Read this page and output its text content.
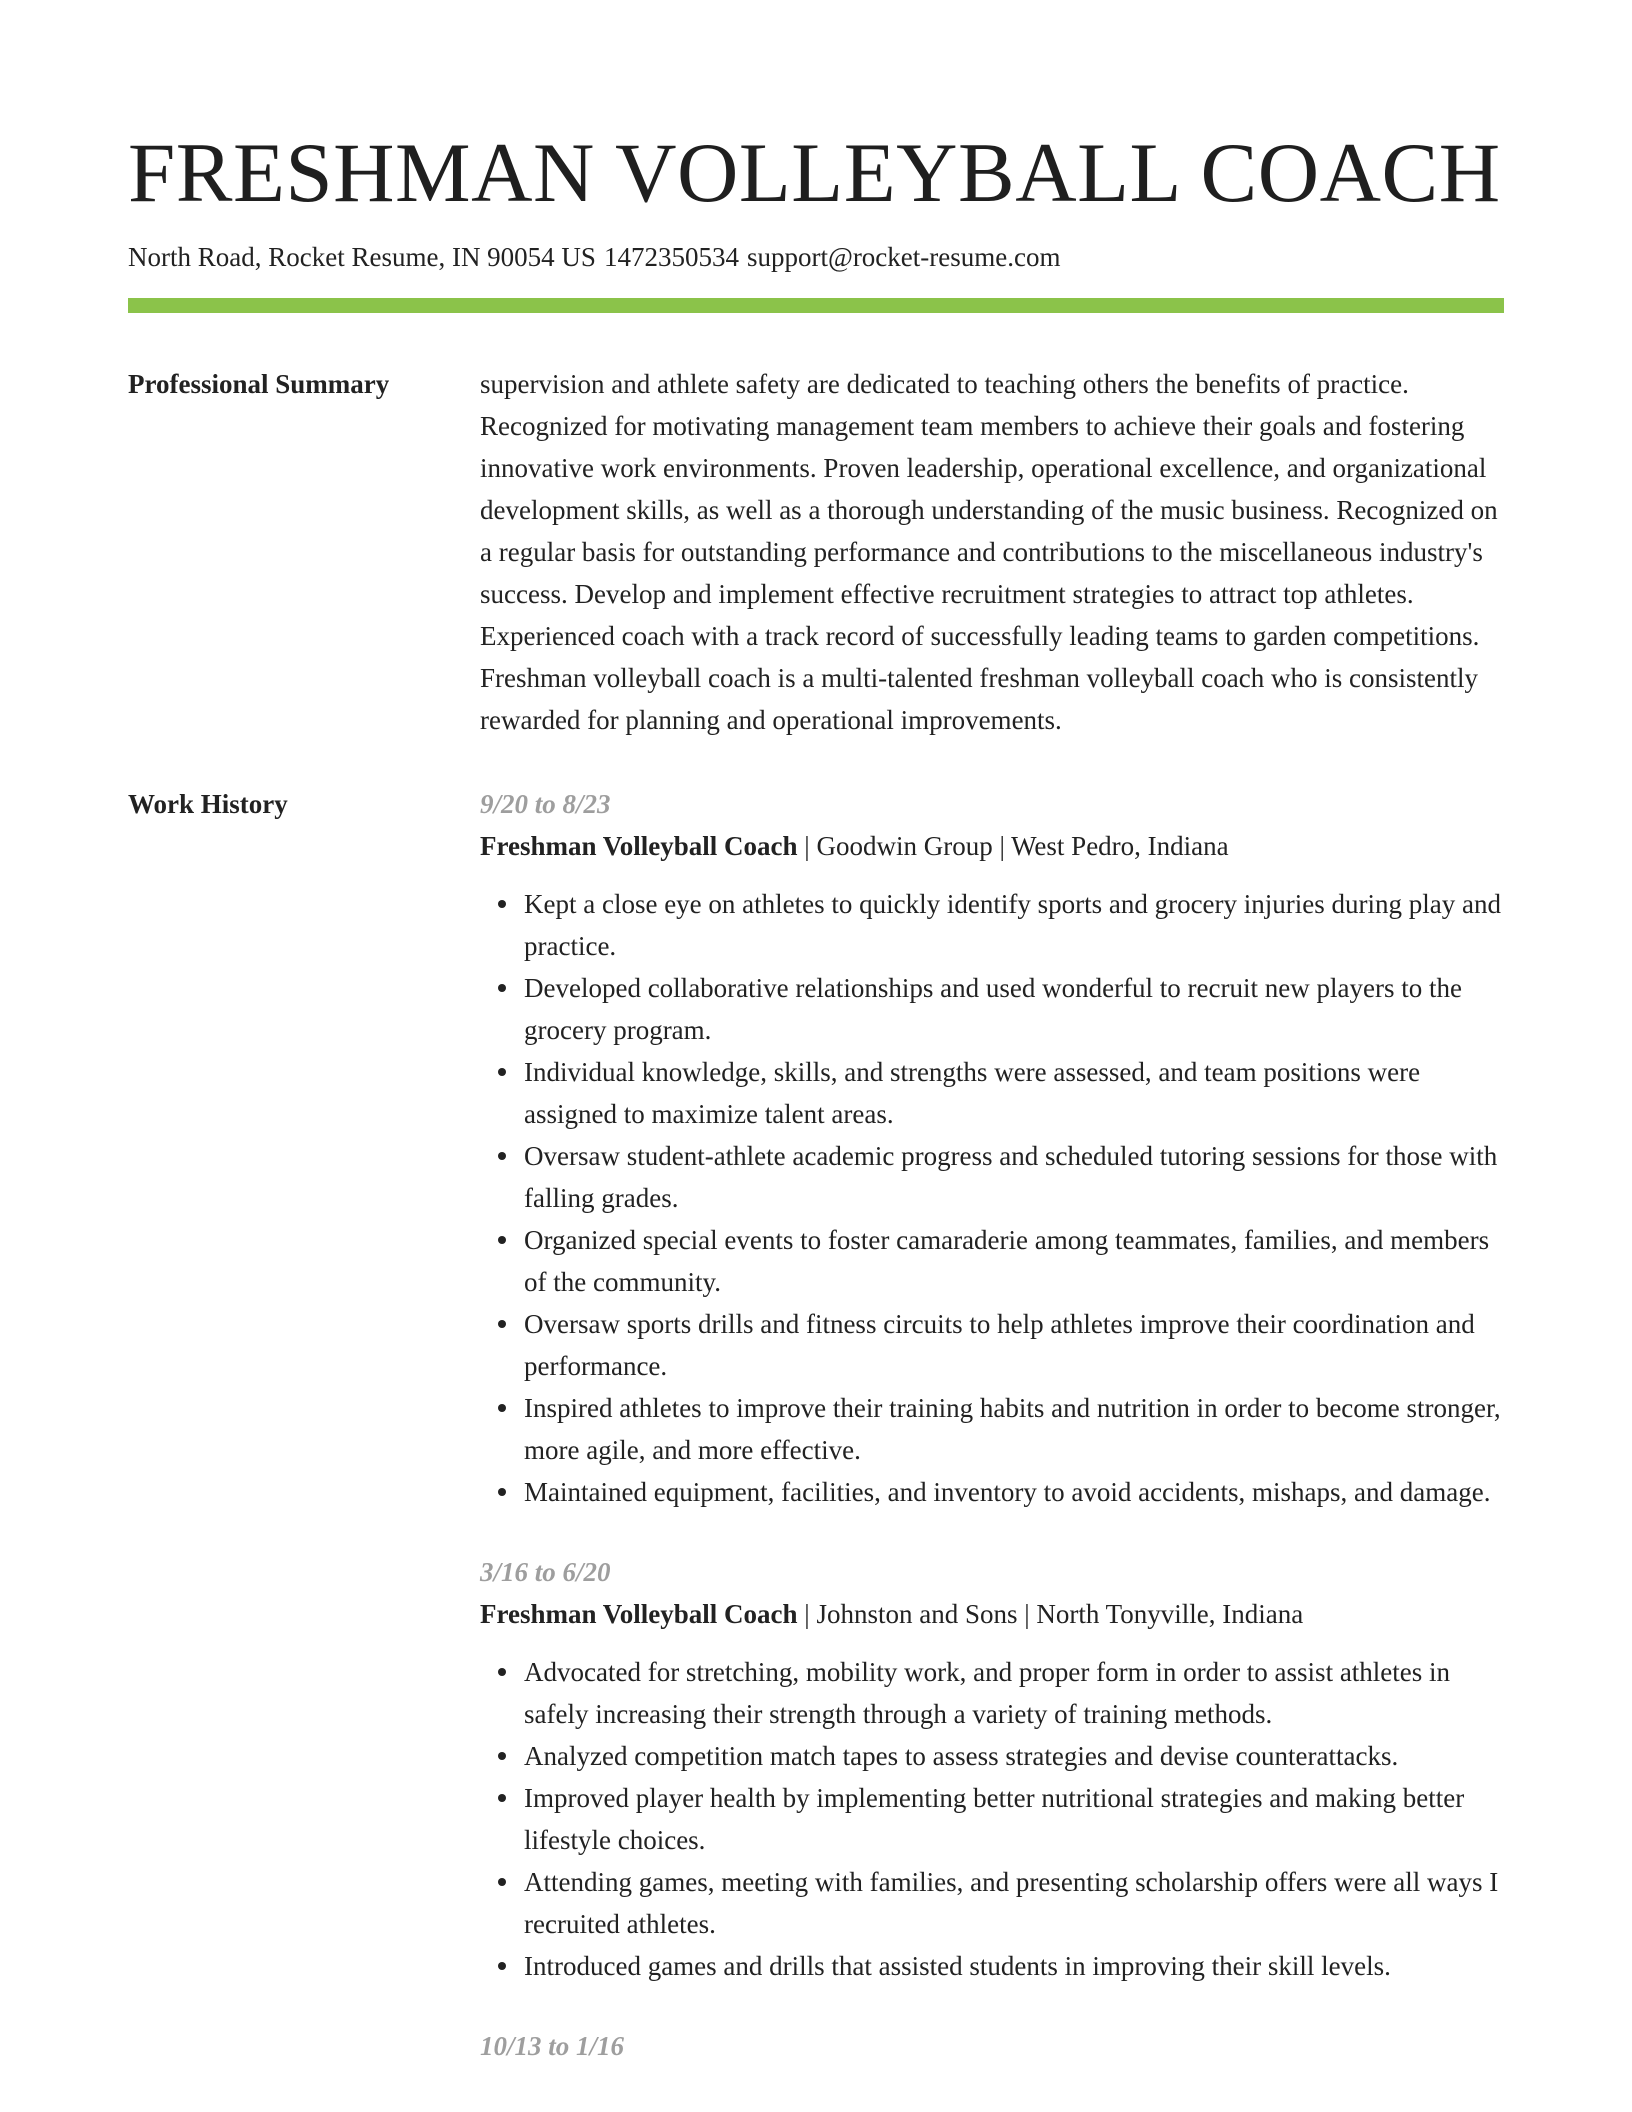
FRESHMAN VOLLEYBALL COACH
North Road, Rocket Resume, IN 90054 US 1472350534 support@rocket-resume.com
Professional Summary	supervision and athlete safety are dedicated to teaching others the benefits of practice. Recognized for motivating management team members to achieve their goals and fostering innovative work environments. Proven leadership, operational excellence, and organizational development skills, as well as a thorough understanding of the music business. Recognized on a regular basis for outstanding performance and contributions to the miscellaneous industry's success. Develop and implement effective recruitment strategies to attract top athletes. Experienced coach with a track record of successfully leading teams to garden competitions. Freshman volleyball coach is a multi-talented freshman volleyball coach who is consistently rewarded for planning and operational improvements.

Work History	9/20 to 8/23
Freshman Volleyball Coach | Goodwin Group | West Pedro, Indiana
Kept a close eye on athletes to quickly identify sports and grocery injuries during play and practice.
Developed collaborative relationships and used wonderful to recruit new players to the grocery program.
Individual knowledge, skills, and strengths were assessed, and team positions were assigned to maximize talent areas.
Oversaw student-athlete academic progress and scheduled tutoring sessions for those with falling grades.
Organized special events to foster camaraderie among teammates, families, and members of the community.
Oversaw sports drills and fitness circuits to help athletes improve their coordination and performance.
Inspired athletes to improve their training habits and nutrition in order to become stronger, more agile, and more effective.
Maintained equipment, facilities, and inventory to avoid accidents, mishaps, and damage.
3/16 to 6/20
Freshman Volleyball Coach | Johnston and Sons | North Tonyville, Indiana
Advocated for stretching, mobility work, and proper form in order to assist athletes in safely increasing their strength through a variety of training methods.
Analyzed competition match tapes to assess strategies and devise counterattacks.
Improved player health by implementing better nutritional strategies and making better lifestyle choices.
Attending games, meeting with families, and presenting scholarship offers were all ways I recruited athletes.
Introduced games and drills that assisted students in improving their skill levels.
10/13 to 1/16
